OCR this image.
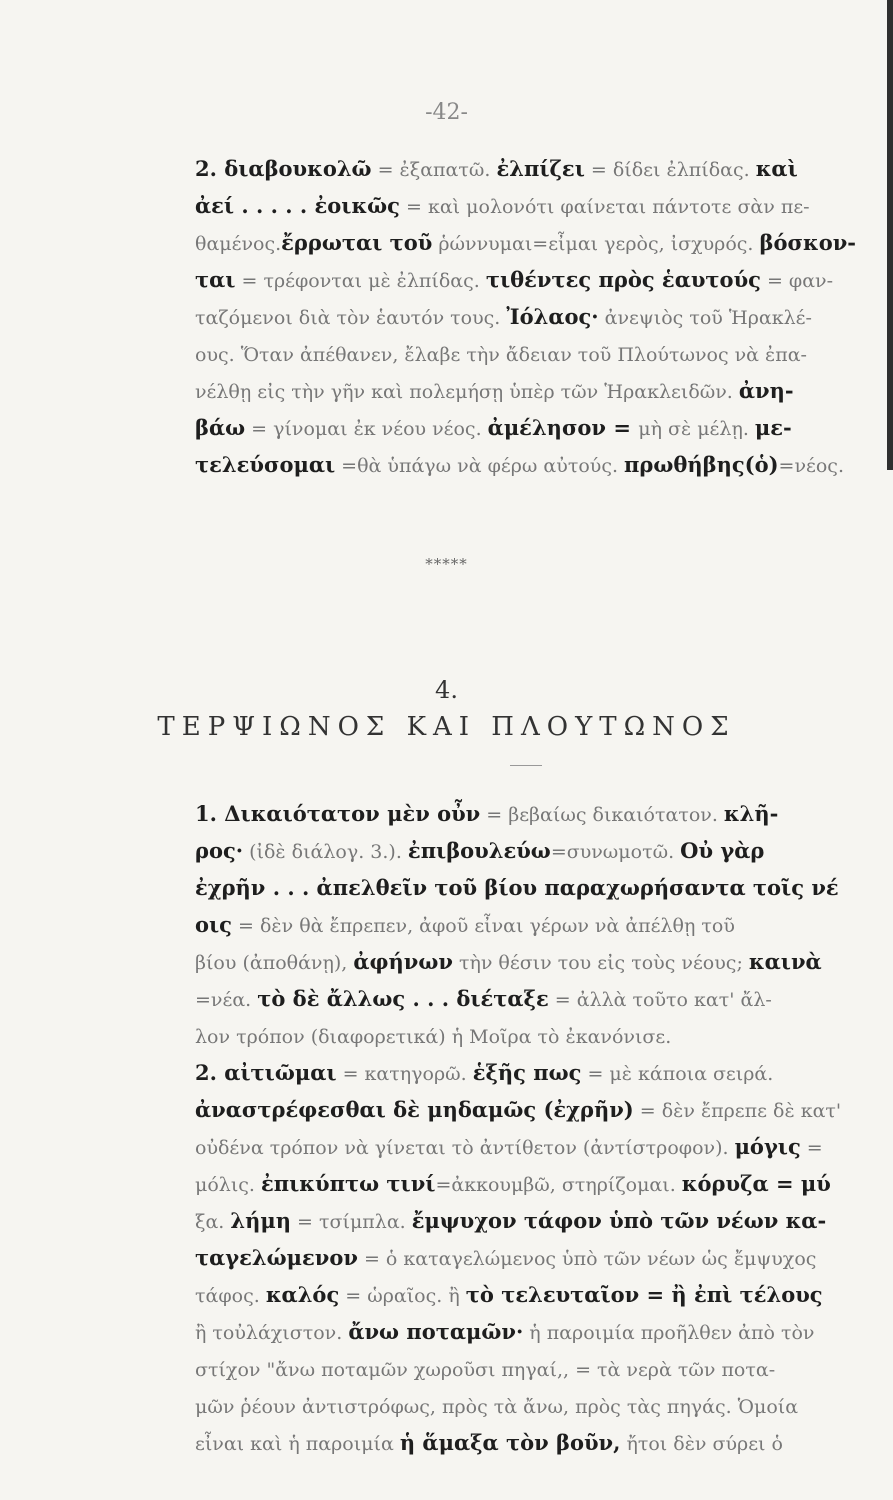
-42-
2. διαβουκολῶ = ἐξαπατῶ. ἐλπίζει = δίδει ἐλπίδας. καὶ
ἀεί . . . . . ἐοικῶς = καὶ μολονότι φαίνεται πάντοτε σὰν πε-
θαμένος.ἔρρωται τοῦ ῥώννυμαι=εἶμαι γερὸς, ἰσχυρός. βόσκον-
ται = τρέφονται μὲ ἐλπίδας. τιθέντες πρὸς ἑαυτούς = φαν-
ταζόμενοι διὰ τὸν ἑαυτόν τους. Ἰόλαος· ἀνεψιὸς τοῦ Ἡρακλέ-
ους. Ὅταν ἀπέθανεν, ἔλαβε τὴν ἄδειαν τοῦ Πλούτωνος νὰ ἐπα-
νέλθῃ εἰς τὴν γῆν καὶ πολεμήσῃ ὑπὲρ τῶν Ἡρακλειδῶν. ἀνη-
βάω = γίνομαι ἐκ νέου νέος. ἀμέλησον = μὴ σὲ μέλῃ. με-
τελεύσομαι =θὰ ὑπάγω νὰ φέρω αὐτούς. πρωθήβης(ὁ)=νέος.
*****
4.
ΤΕΡΨΙΩΝΟΣ ΚΑΙ ΠΛΟΥΤΩΝΟΣ
1. Δικαιότατον μὲν οὖν = βεβαίως δικαιότατον. κλῆ-
ρος· (ἰδὲ διάλογ. 3.). ἐπιβουλεύω=συνωμοτῶ. Οὐ γὰρ
ἐχρῆν . . . ἀπελθεῖν τοῦ βίου παραχωρήσαντα τοῖς νέ
οις = δὲν θὰ ἔπρεπεν, ἀφοῦ εἶναι γέρων νὰ ἀπέλθῃ τοῦ
βίου (ἀποθάνῃ), ἀφήνων τὴν θέσιν του εἰς τοὺς νέους; καινὰ
=νέα. τὸ δὲ ἄλλως . . . διέταξε = ἀλλὰ τοῦτο κατ' ἄλ-
λον τρόπον (διαφορετικά) ἡ Μοῖρα τὸ ἐκανόνισε.
2. αἰτιῶμαι = κατηγορῶ. ἑξῆς πως = μὲ κάποια σειρά.
ἀναστρέφεσθαι δὲ μηδαμῶς (ἐχρῆν) = δὲν ἔπρεπε δὲ κατ'
οὐδένα τρόπον νὰ γίνεται τὸ ἀντίθετον (ἀντίστροφον). μόγις =
μόλις. ἐπικύπτω τινί=ἀκκουμβῶ, στηρίζομαι. κόρυζα = μύ
ξα. λήμη = τσίμπλα. ἔμψυχον τάφον ὑπὸ τῶν νέων κα-
ταγελώμενον = ὁ καταγελώμενος ὑπὸ τῶν νέων ὡς ἔμψυχος
τάφος. καλός = ὡραῖος. ἢ τὸ τελευταῖον = ἢ ἐπὶ τέλους
ἢ τοὐλάχιστον. ἄνω ποταμῶν· ἡ παροιμία προῆλθεν ἀπὸ τὸν
στίχον "ἄνω ποταμῶν χωροῦσι πηγαί,, = τὰ νερὰ τῶν ποτα-
μῶν ῥέουν ἀντιστρόφως, πρὸς τὰ ἄνω, πρὸς τὰς πηγάς. Ὁμοία
εἶναι καὶ ἡ παροιμία ἡ ἅμαξα τὸν βοῦν, ἤτοι δὲν σύρει ὁ
